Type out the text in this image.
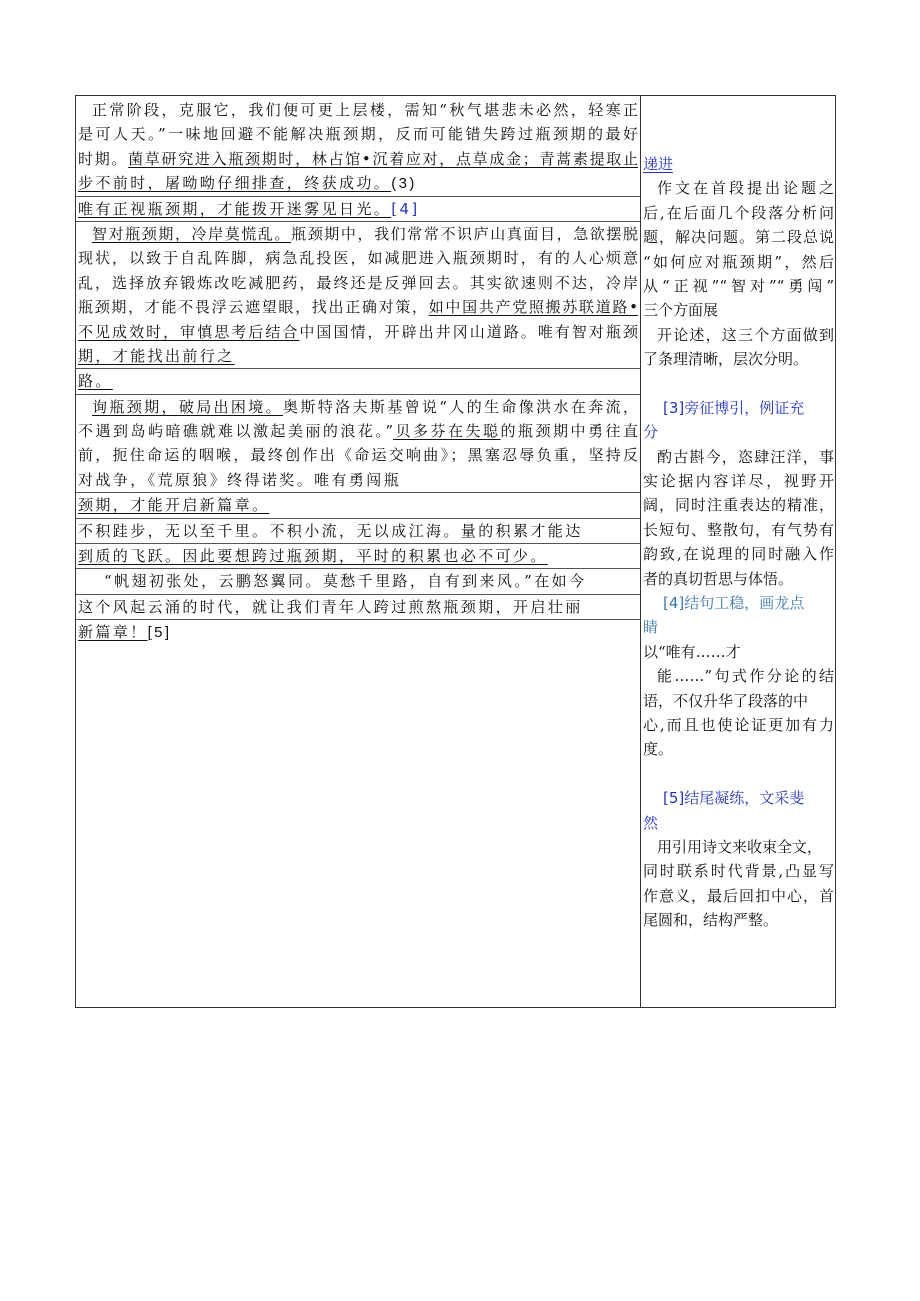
正常阶段，克服它，我们便可更上层楼，需知“秋气堪悲未必然，轻寒正
是可人天。”一味地回避不能解决瓶颈期，反而可能错失跨过瓶颈期的最好
时期。菌草研究进入瓶颈期时，林占馆•沉着应对，点草成金；青蒿素提取止
步不前时，屠呦呦仔细排查，终获成功。(3)
唯有正视瓶颈期，才能拨开迷雾见日光。[4]
智对瓶颈期，冷岸莫慌乱。瓶颈期中，我们常常不识庐山真面目，急欲摆脱
现状，以致于自乱阵脚，病急乱投医，如减肥进入瓶颈期时，有的人心烦意
乱，选择放弃锻炼改吃减肥药，最终还是反弹回去。其实欲速则不达，冷岸
瓶颈期，才能不畏浮云遮望眼，找出正确对策，如中国共产党照搬苏联道路•
不见成效时，审慎思考后结合中国国情，开辟出井冈山道路。唯有智对瓶颈
期，才能找出前行之
路。
询瓶颈期，破局出困境。奥斯特洛夫斯基曾说“人的生命像洪水在奔流，
不遇到岛屿暗礁就难以激起美丽的浪花。”贝多芬在失聪的瓶颈期中勇往直
前，扼住命运的咽喉，最终创作出《命运交响曲》；黑塞忍辱负重，坚持反
对战争，《荒原狼》终得诺奖。唯有勇闯瓶
颈期，才能开启新篇章。
不积跬步，无以至千里。不积小流，无以成江海。量的积累才能达
到质的飞跃。因此要想跨过瓶颈期，平时的积累也必不可少。
“帆翅初张处，云鹏怒翼同。莫愁千里路，自有到来风。”在如今
这个风起云涌的时代，就让我们青年人跨过煎熬瓶颈期，开启壮丽
新篇章！[5]
递进
作文在首段提出论题之
后,在后面几个段落分析问
题，解决问题。第二段总说
“如何应对瓶颈期”，然后
从“正视”“智对”“勇闯”
三个方面展
开论述，这三个方面做到
了条理清晰，层次分明。
[3]旁征博引，例证充
分
酌古斟今，恣肆汪洋，事
实论据内容详尽，视野开
阔，同时注重表达的精准，
长短句、整散句，有气势有
韵致,在说理的同时融入作
者的真切哲思与体悟。
[4]结句工稳，画龙点
睛
以“唯有……才
能……”句式作分论的结
语，不仅升华了段落的中
心,而且也使论证更加有力
度。
[5]结尾凝练，文采斐
然
用引用诗文来收束全文，
同时联系时代背景,凸显写
作意义，最后回扣中心，首
尾圆和，结构严整。
